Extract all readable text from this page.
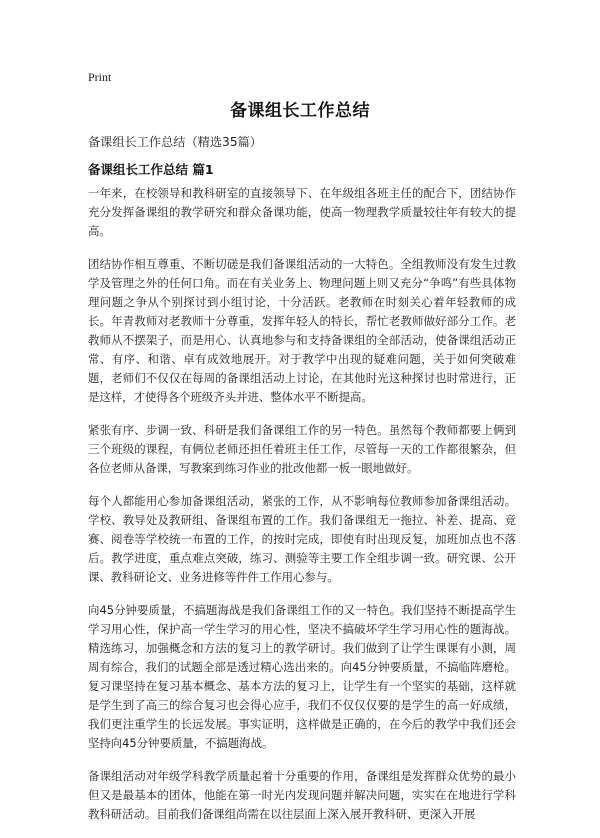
Print
备课组长工作总结
备课组长工作总结（精选35篇）
备课组长工作总结 篇1

一年来，在校领导和教科研室的直接领导下、在年级组各班主任的配合下，团结协作充分发挥备课组的教学研究和群众备课功能，使高一物理教学质量较往年有较大的提高。

团结协作相互尊重、不断切磋是我们备课组活动的一大特色。全组教师没有发生过教学及管理之外的任何口角。而在有关业务上、物理问题上则又充分“争鸣”有些具体物理问题之争从个别探讨到小组讨论，十分活跃。老教师在时刻关心着年轻教师的成长。年青教师对老教师十分尊重，发挥年轻人的特长，帮忙老教师做好部分工作。老教师从不摆架子，而是用心、认真地参与和支持备课组的全部活动，使备课组活动正常、有序、和谐、卓有成效地展开。对于教学中出现的疑难问题，关于如何突破难题，老师们不仅仅在每周的备课组活动上讨论，在其他时光这种探讨也时常进行，正是这样，才使得各个班级齐头并进、整体水平不断提高。

紧张有序、步调一致、科研是我们备课组工作的另一特色。虽然每个教师都要上俩到三个班级的课程，有俩位老师还担任着班主任工作，尽管每一天的工作都很繁杂，但各位老师从备课，写教案到练习作业的批改他都一板一眼地做好。

每个人都能用心参加备课组活动，紧张的工作，从不影响每位教师参加备课组活动。学校、教导处及教研组、备课组布置的工作。我们备课组无一拖拉、补差、提高、竞赛、阅卷等学校统一布置的工作，的按时完成，即使有时出现反复，加班加点也不落后。教学进度，重点难点突破，练习、测验等主要工作全组步调一致。研究课、公开课、教科研论文、业务进修等件件工作用心参与。

向45分钟要质量，不搞题海战是我们备课组工作的又一特色。我们坚持不断提高学生学习用心性，保护高一学生学习的用心性，坚决不搞破坏学生学习用心性的题海战。精选练习，加强概念和方法的复习上的教学研讨。我们做到了让学生课课有小测，周周有综合，我们的试题全部是透过精心选出来的。向45分钟要质量，不搞临阵磨枪。复习课坚持在复习基本概念、基本方法的复习上，让学生有一个坚实的基础，这样就是学生到了高三的综合复习也会得心应手，我们不仅仅仅要的是学生的高一好成绩，我们更注重学生的长远发展。事实证明，这样做是正确的，在今后的教学中我们还会坚持向45分钟要质量，不搞题海战。

备课组活动对年级学科教学质量起着十分重要的作用，备课组是发挥群众优势的最小但又是最基本的团体，他能在第一时光内发现问题并解决问题，实实在在地进行学科教科研活动。目前我们备课组尚需在以往层面上深入展开教科研、更深入开展
